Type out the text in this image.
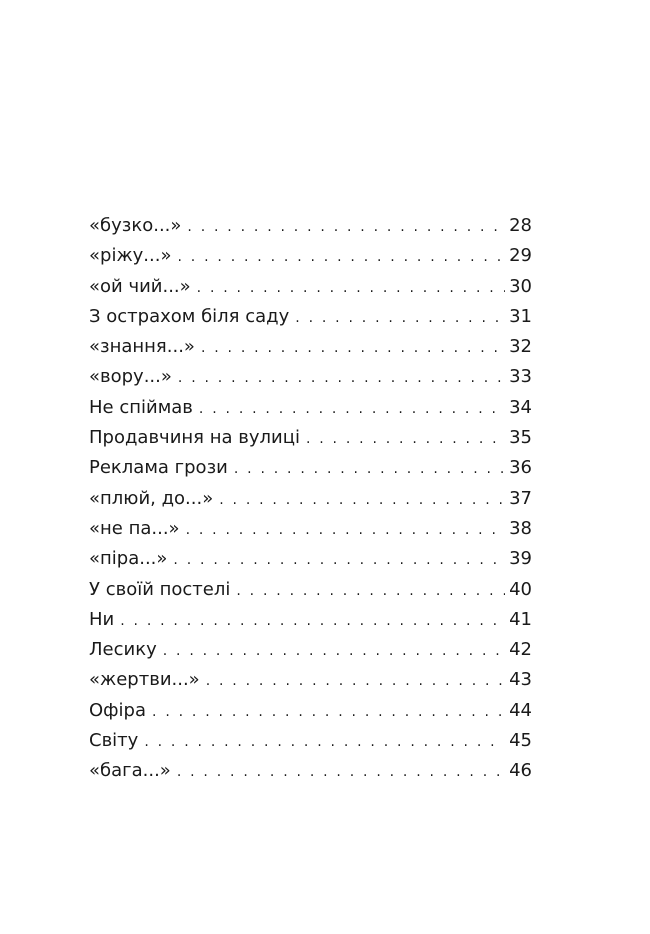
«бузко...» . . .	28
«ріжу...» . . .	29
«ой чий...» . . .	30
З острахом біля саду . . .	31
«знання...» . . .	32
«вору...» . . .	33
Не спіймав . . .	34
Продавчиня на вулиці . . .	35
Реклама грози . . .	36
«плюй, до...» . . .	37
«не па...» . . .	38
«піра...» . . .	39
У своїй постелі . . .	40
Ни . . .	41
Лесику . . .	42
«жертви...» . . .	43
Офіра . . .	44
Світу . . .	45
«бага...» . . .	46
